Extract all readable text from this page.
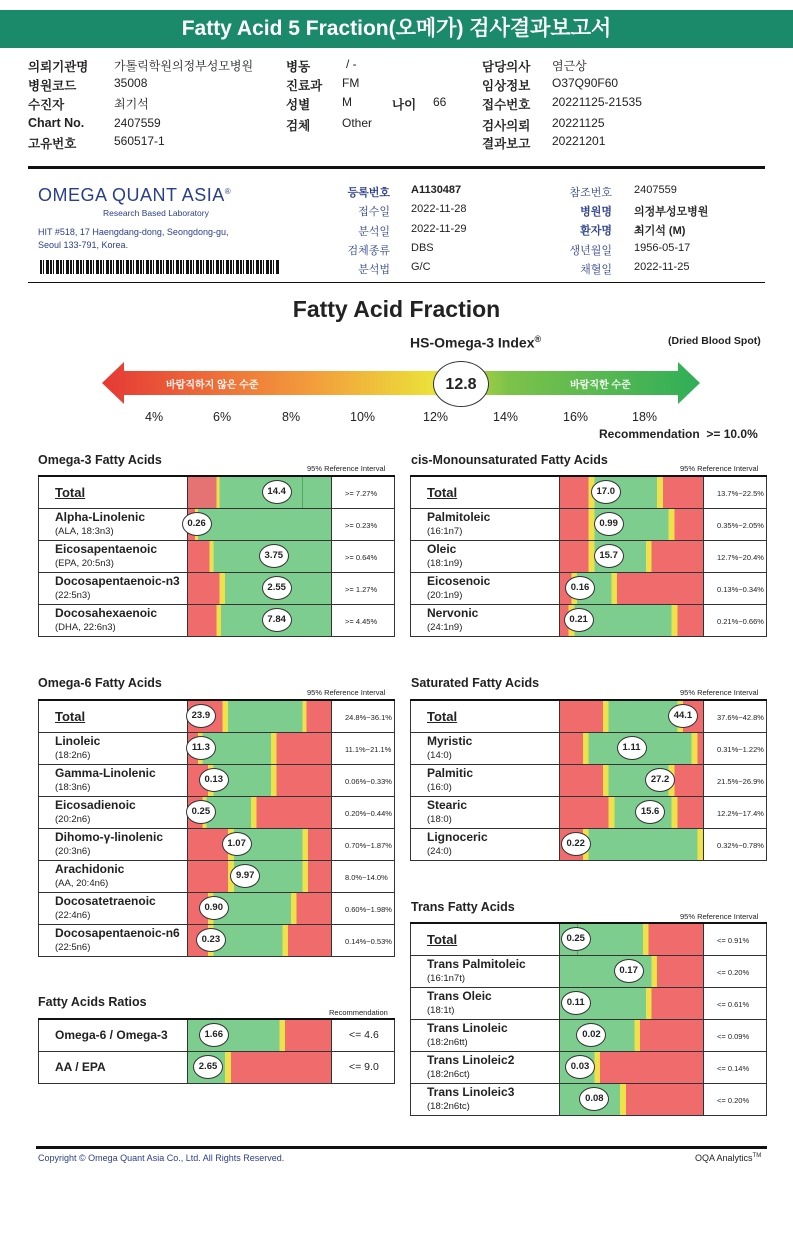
Fatty Acid 5 Fraction(오메가) 검사결과보고서
의뢰기관명 가톨릭학원의정부성모병원	병동	/ -	담당의사 염근상
병원코드	35008	진료과 FM	임상정보 O37Q90F60
수진자	최기석	성별	M	나이 66	접수번호 20221125-21535
Chart No. 2407559	검체	Other	검사의뢰 20221125
고유번호	560517-1	결과보고 20221201
OMEGA QUANT ASIA®
Research Based Laboratory
HIT #518, 17 Haengdang-dong, Seongdong-gu,
Seoul 133-791, Korea.
등록번호 A1130487
접수일 2022-11-28
분석일 2022-11-29
검체종류 DBS
분석법 G/C
참조번호 2407559
병원명 의정부성모병원
환자명 최기석 (M)
생년월일 1956-05-17
채혈일 2022-11-25
Fatty Acid Fraction
HS-Omega-3 Index®	(Dried Blood Spot)
바람직하지 않은 수준	바람직한 수준
12.8
4%	6%	8%	10%	12%	14%	16%	18%
Recommendation >= 10.0%
Omega-3 Fatty Acids
95% Reference Interval
cis-Monounsaturated Fatty Acids
95% Reference Interval
Omega-6 Fatty Acids
95% Reference Interval
Saturated Fatty Acids
95% Reference Interval
Trans Fatty Acids
95% Reference Interval
Fatty Acids Ratios
Recommendation
Total	14.4	>= 7.27%
Alpha-Linolenic
(ALA, 18:3n3)
0.26	>= 0.23%
Eicosapentaenoic
(EPA, 20:5n3)
3.75	>= 0.64%
Docosapentaenoic-n3
(22:5n3)
2.55	>= 1.27%
Docosahexaenoic
(DHA, 22:6n3)
7.84	>= 4.45%
Total	17.0	13.7%~22.5%
Palmitoleic
(16:1n7)
0.99	0.35%~2.05%
Oleic
(18:1n9)
15.7	12.7%~20.4%
Eicosenoic
(20:1n9)
0.16	0.13%~0.34%
Nervonic
(24:1n9)
0.21	0.21%~0.66%
Total	23.9	24.8%~36.1%
Linoleic
(18:2n6)
11.3	11.1%~21.1%
Gamma-Linolenic
(18:3n6)
0.13	0.06%~0.33%
Eicosadienoic
(20:2n6)
0.25	0.20%~0.44%
Dihomo-γ-linolenic
(20:3n6)
1.07	0.70%~1.87%
Arachidonic
(AA, 20:4n6)
9.97	8.0%~14.0%
Docosatetraenoic
(22:4n6)
0.90	0.60%~1.98%
Docosapentaenoic-n6
(22:5n6)
0.23	0.14%~0.53%
Total	44.1	37.6%~42.8%
Myristic
(14:0)
1.11	0.31%~1.22%
Palmitic
(16:0)
27.2	21.5%~26.9%
Stearic
(18:0)
15.6	12.2%~17.4%
Lignoceric
(24:0)
0.22	0.32%~0.78%
Total	0.25	<= 0.91%
Trans Palmitoleic
(16:1n7t)
0.17	<= 0.20%
Trans Oleic
(18:1t)
0.11	<= 0.61%
Trans Linoleic
(18:2n6tt)
0.02	<= 0.09%
Trans Linoleic2
(18:2n6ct)
0.03	<= 0.14%
Trans Linoleic3
(18:2n6tc)
0.08	<= 0.20%
Omega-6 / Omega-3	1.66	<= 4.6
AA / EPA	2.65	<= 9.0
Copyright © Omega Quant Asia Co., Ltd. All Rights Reserved.	OQA Analytics™
